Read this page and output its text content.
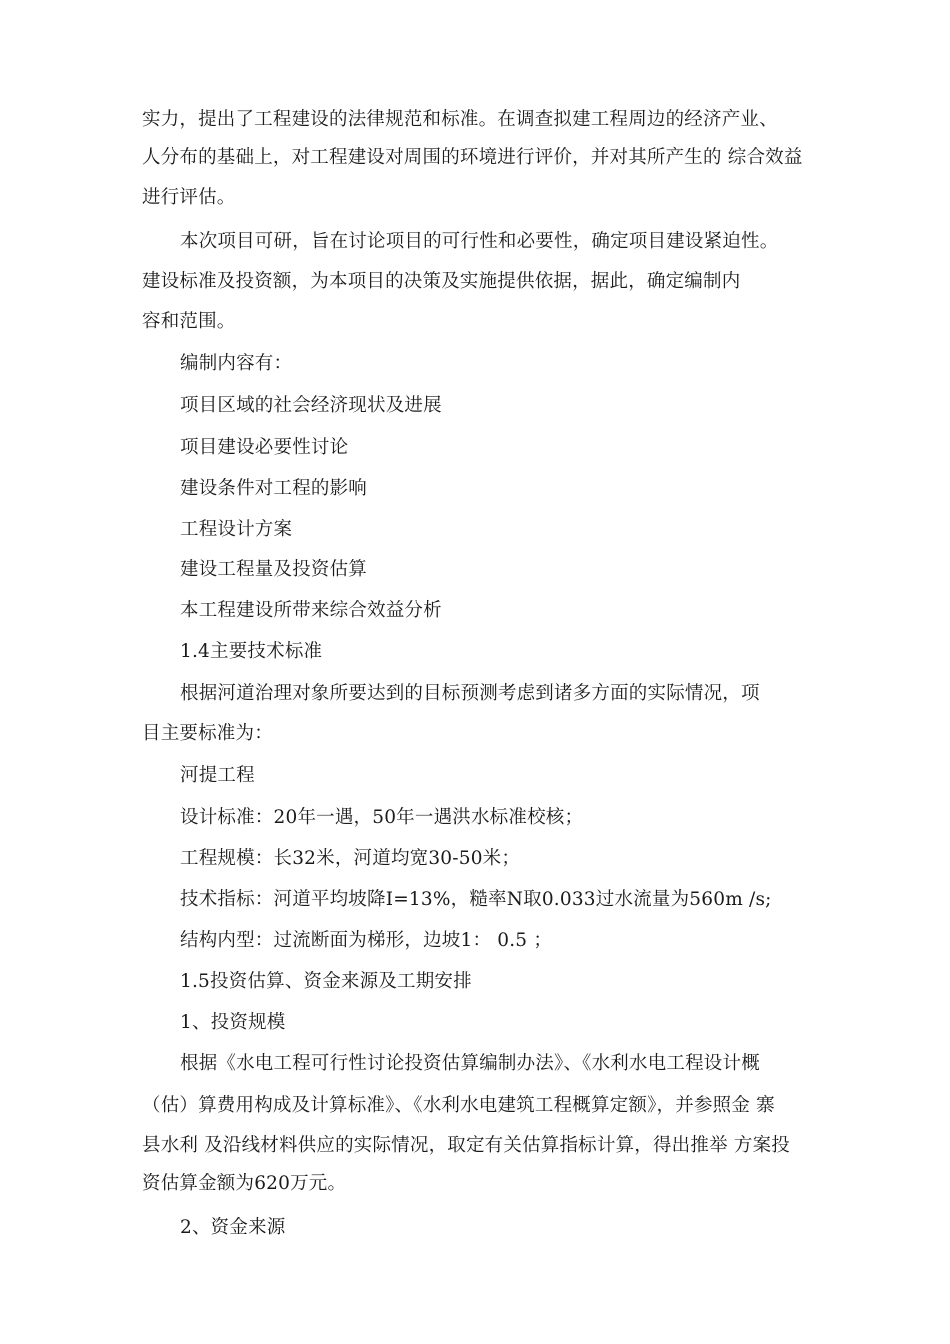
实力，提出了工程建设的法律规范和标准。在调查拟建工程周边的经济产业、
人分布的基础上，对工程建设对周围的环境进行评价，并对其所产生的 综合效益
进行评估。
本次项目可研，旨在讨论项目的可行性和必要性，确定项目建设紧迫性。
建设标准及投资额，为本项目的决策及实施提供依据，据此，确定编制内
容和范围。
编制内容有：
项目区域的社会经济现状及进展
项目建设必要性讨论
建设条件对工程的影响
工程设计方案
建设工程量及投资估算
本工程建设所带来综合效益分析
1.4主要技术标准
根据河道治理对象所要达到的目标预测考虑到诸多方面的实际情况，项
目主要标准为：
河提工程
设计标准：20年一遇，50年一遇洪水标准校核；
工程规模：长32米，河道均宽30-50米；
技术指标：河道平均坡降I=13%，糙率N取0.033过水流量为560m /s;
结构内型：过流断面为梯形，边坡1： 0.5 ；
1.5投资估算、资金来源及工期安排
1、投资规模
根据《水电工程可行性讨论投资估算编制办法》、《水利水电工程设计概
（估）算费用构成及计算标准》、《水利水电建筑工程概算定额》，并参照金 寨
县水利 及沿线材料供应的实际情况，取定有关估算指标计算，得出推举 方案投
资估算金额为620万元。
2、资金来源
